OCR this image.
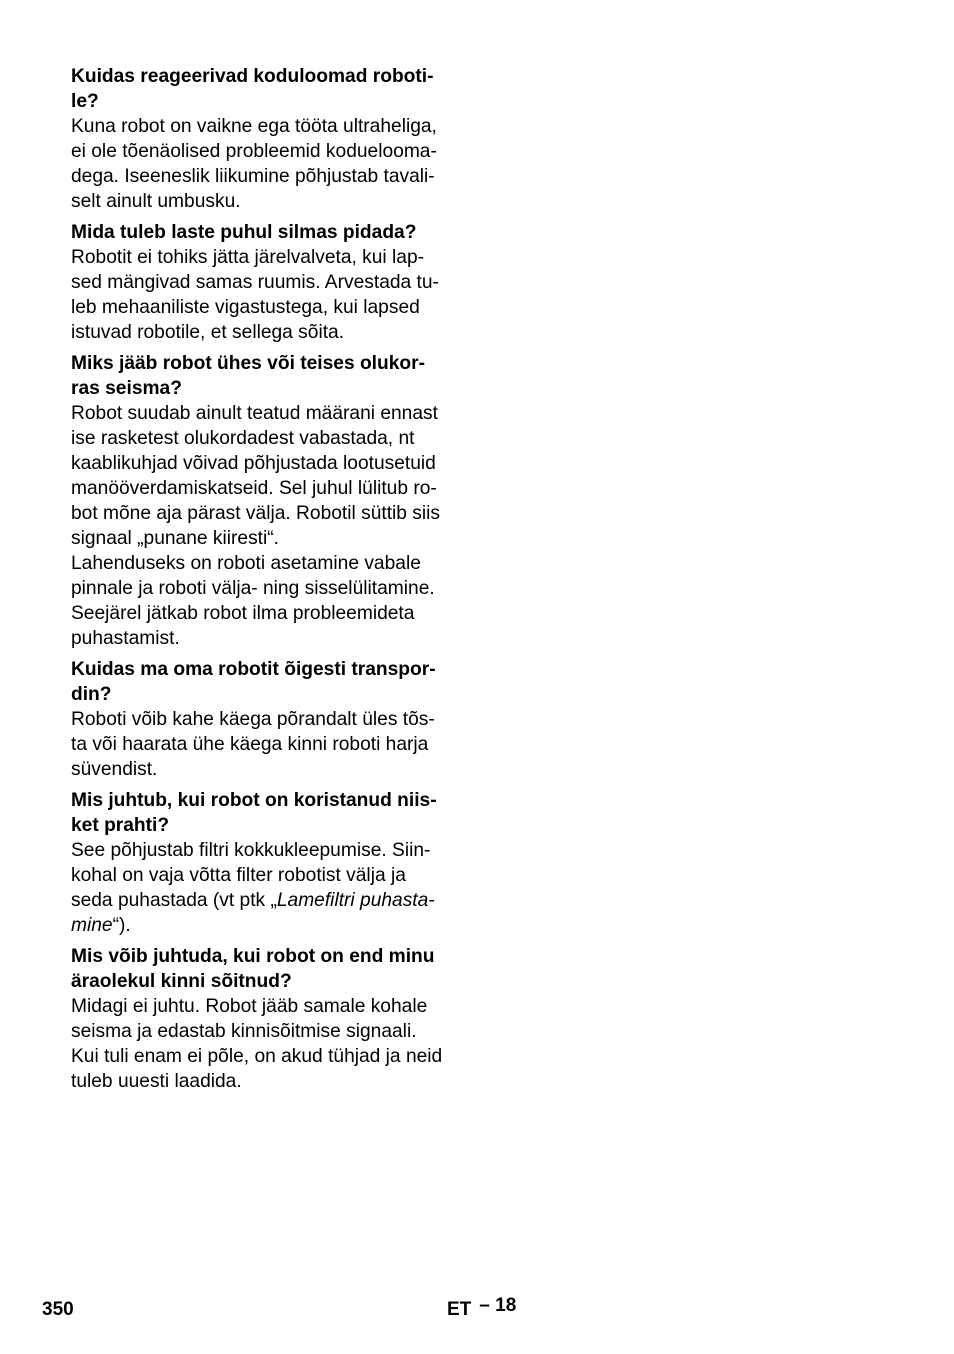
Kuidas reageerivad koduloomad roboti-
le?

Kuna robot on vaikne ega tööta ultraheliga,
ei ole tõenäolised probleemid koduelooma-
dega. Iseeneslik liikumine põhjustab tavali-
selt ainult umbusku.

Mida tuleb laste puhul silmas pidada?

Robotit ei tohiks jätta järelvalveta, kui lap-
sed mängivad samas ruumis. Arvestada tu-
leb mehaaniliste vigastustega, kui lapsed
istuvad robotile, et sellega sõita.

Miks jääb robot ühes või teises olukor-
ras seisma?

Robot suudab ainult teatud määrani ennast
ise rasketest olukordadest vabastada, nt
kaablikuhjad võivad põhjustada lootusetuid
manööverdamiskatseid. Sel juhul lülitub ro-
bot mõne aja pärast välja. Robotil süttib siis
signaal „punane kiiresti“.
Lahenduseks on roboti asetamine vabale
pinnale ja roboti välja- ning sisselülitamine.
Seejärel jätkab robot ilma probleemideta
puhastamist.

Kuidas ma oma robotit õigesti transpor-
din?

Roboti võib kahe käega põrandalt üles tõs-
ta või haarata ühe käega kinni roboti harja
süvendist.

Mis juhtub, kui robot on koristanud niis-
ket prahti?

See põhjustab filtri kokkukleepumise. Siin-
kohal on vaja võtta filter robotist välja ja
seda puhastada (vt ptk „Lamefiltri puhasta-
mine“).

Mis võib juhtuda, kui robot on end minu
äraolekul kinni sõitnud?

Midagi ei juhtu. Robot jääb samale kohale
seisma ja edastab kinnisõitmise signaali.
Kui tuli enam ei põle, on akud tühjad ja neid
tuleb uuesti laadida.

350	ET – 18
